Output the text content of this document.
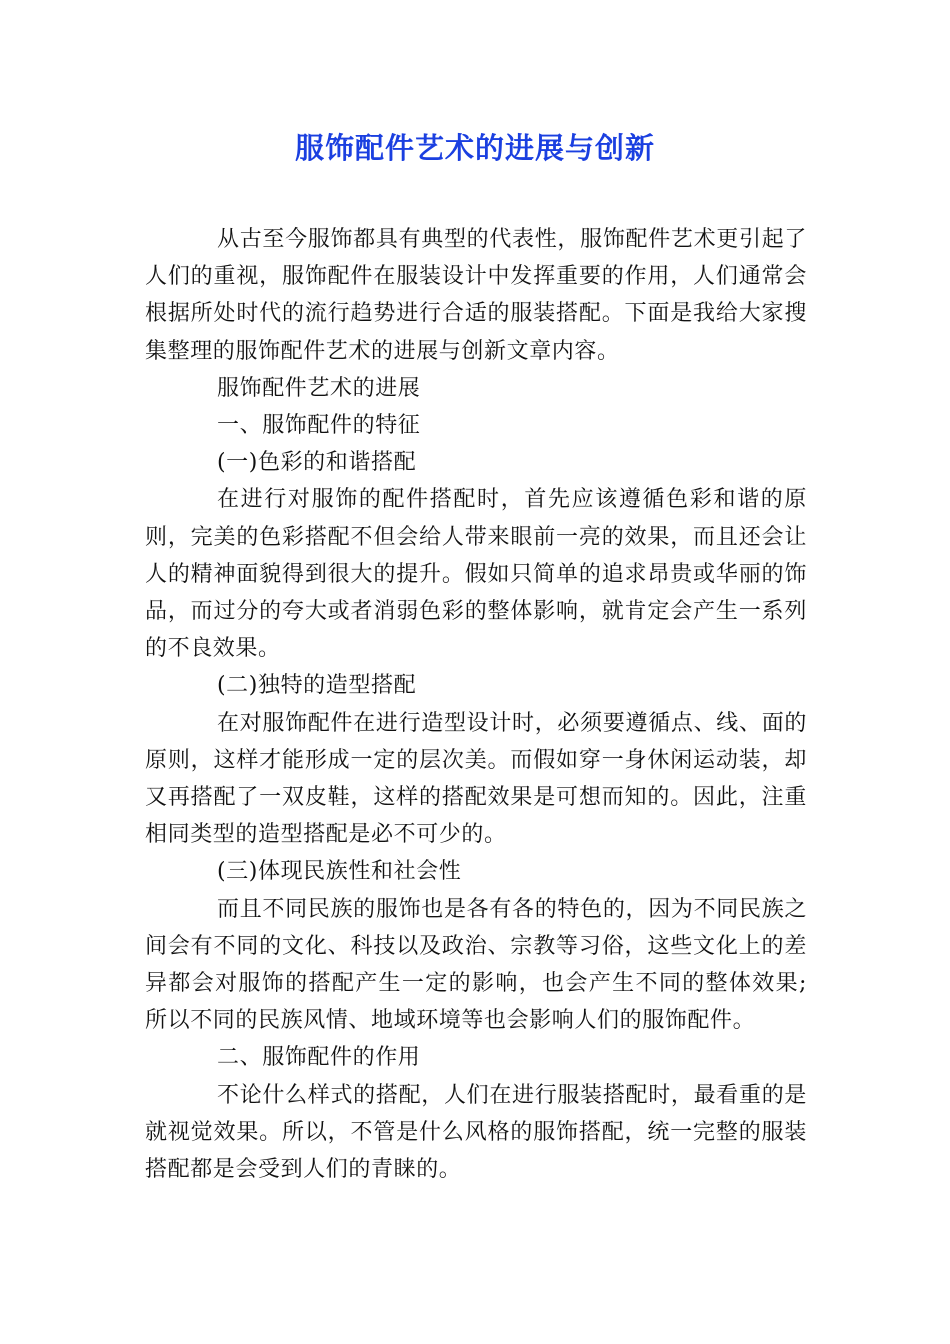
服饰配件艺术的进展与创新

从古至今服饰都具有典型的代表性，服饰配件艺术更引起了人们的重视，服饰配件在服装设计中发挥重要的作用，人们通常会根据所处时代的流行趋势进行合适的服装搭配。下面是我给大家搜集整理的服饰配件艺术的进展与创新文章内容。

服饰配件艺术的进展

一、服饰配件的特征

(一)色彩的和谐搭配

在进行对服饰的配件搭配时，首先应该遵循色彩和谐的原则，完美的色彩搭配不但会给人带来眼前一亮的效果，而且还会让人的精神面貌得到很大的提升。假如只简单的追求昂贵或华丽的饰品，而过分的夸大或者消弱色彩的整体影响，就肯定会产生一系列的不良效果。

(二)独特的造型搭配

在对服饰配件在进行造型设计时，必须要遵循点、线、面的原则，这样才能形成一定的层次美。而假如穿一身休闲运动装，却又再搭配了一双皮鞋，这样的搭配效果是可想而知的。因此，注重相同类型的造型搭配是必不可少的。

(三)体现民族性和社会性

而且不同民族的服饰也是各有各的特色的，因为不同民族之间会有不同的文化、科技以及政治、宗教等习俗，这些文化上的差异都会对服饰的搭配产生一定的影响，也会产生不同的整体效果;所以不同的民族风情、地域环境等也会影响人们的服饰配件。

二、服饰配件的作用

不论什么样式的搭配，人们在进行服装搭配时，最看重的是就视觉效果。所以，不管是什么风格的服饰搭配，统一完整的服装搭配都是会受到人们的青睐的。
